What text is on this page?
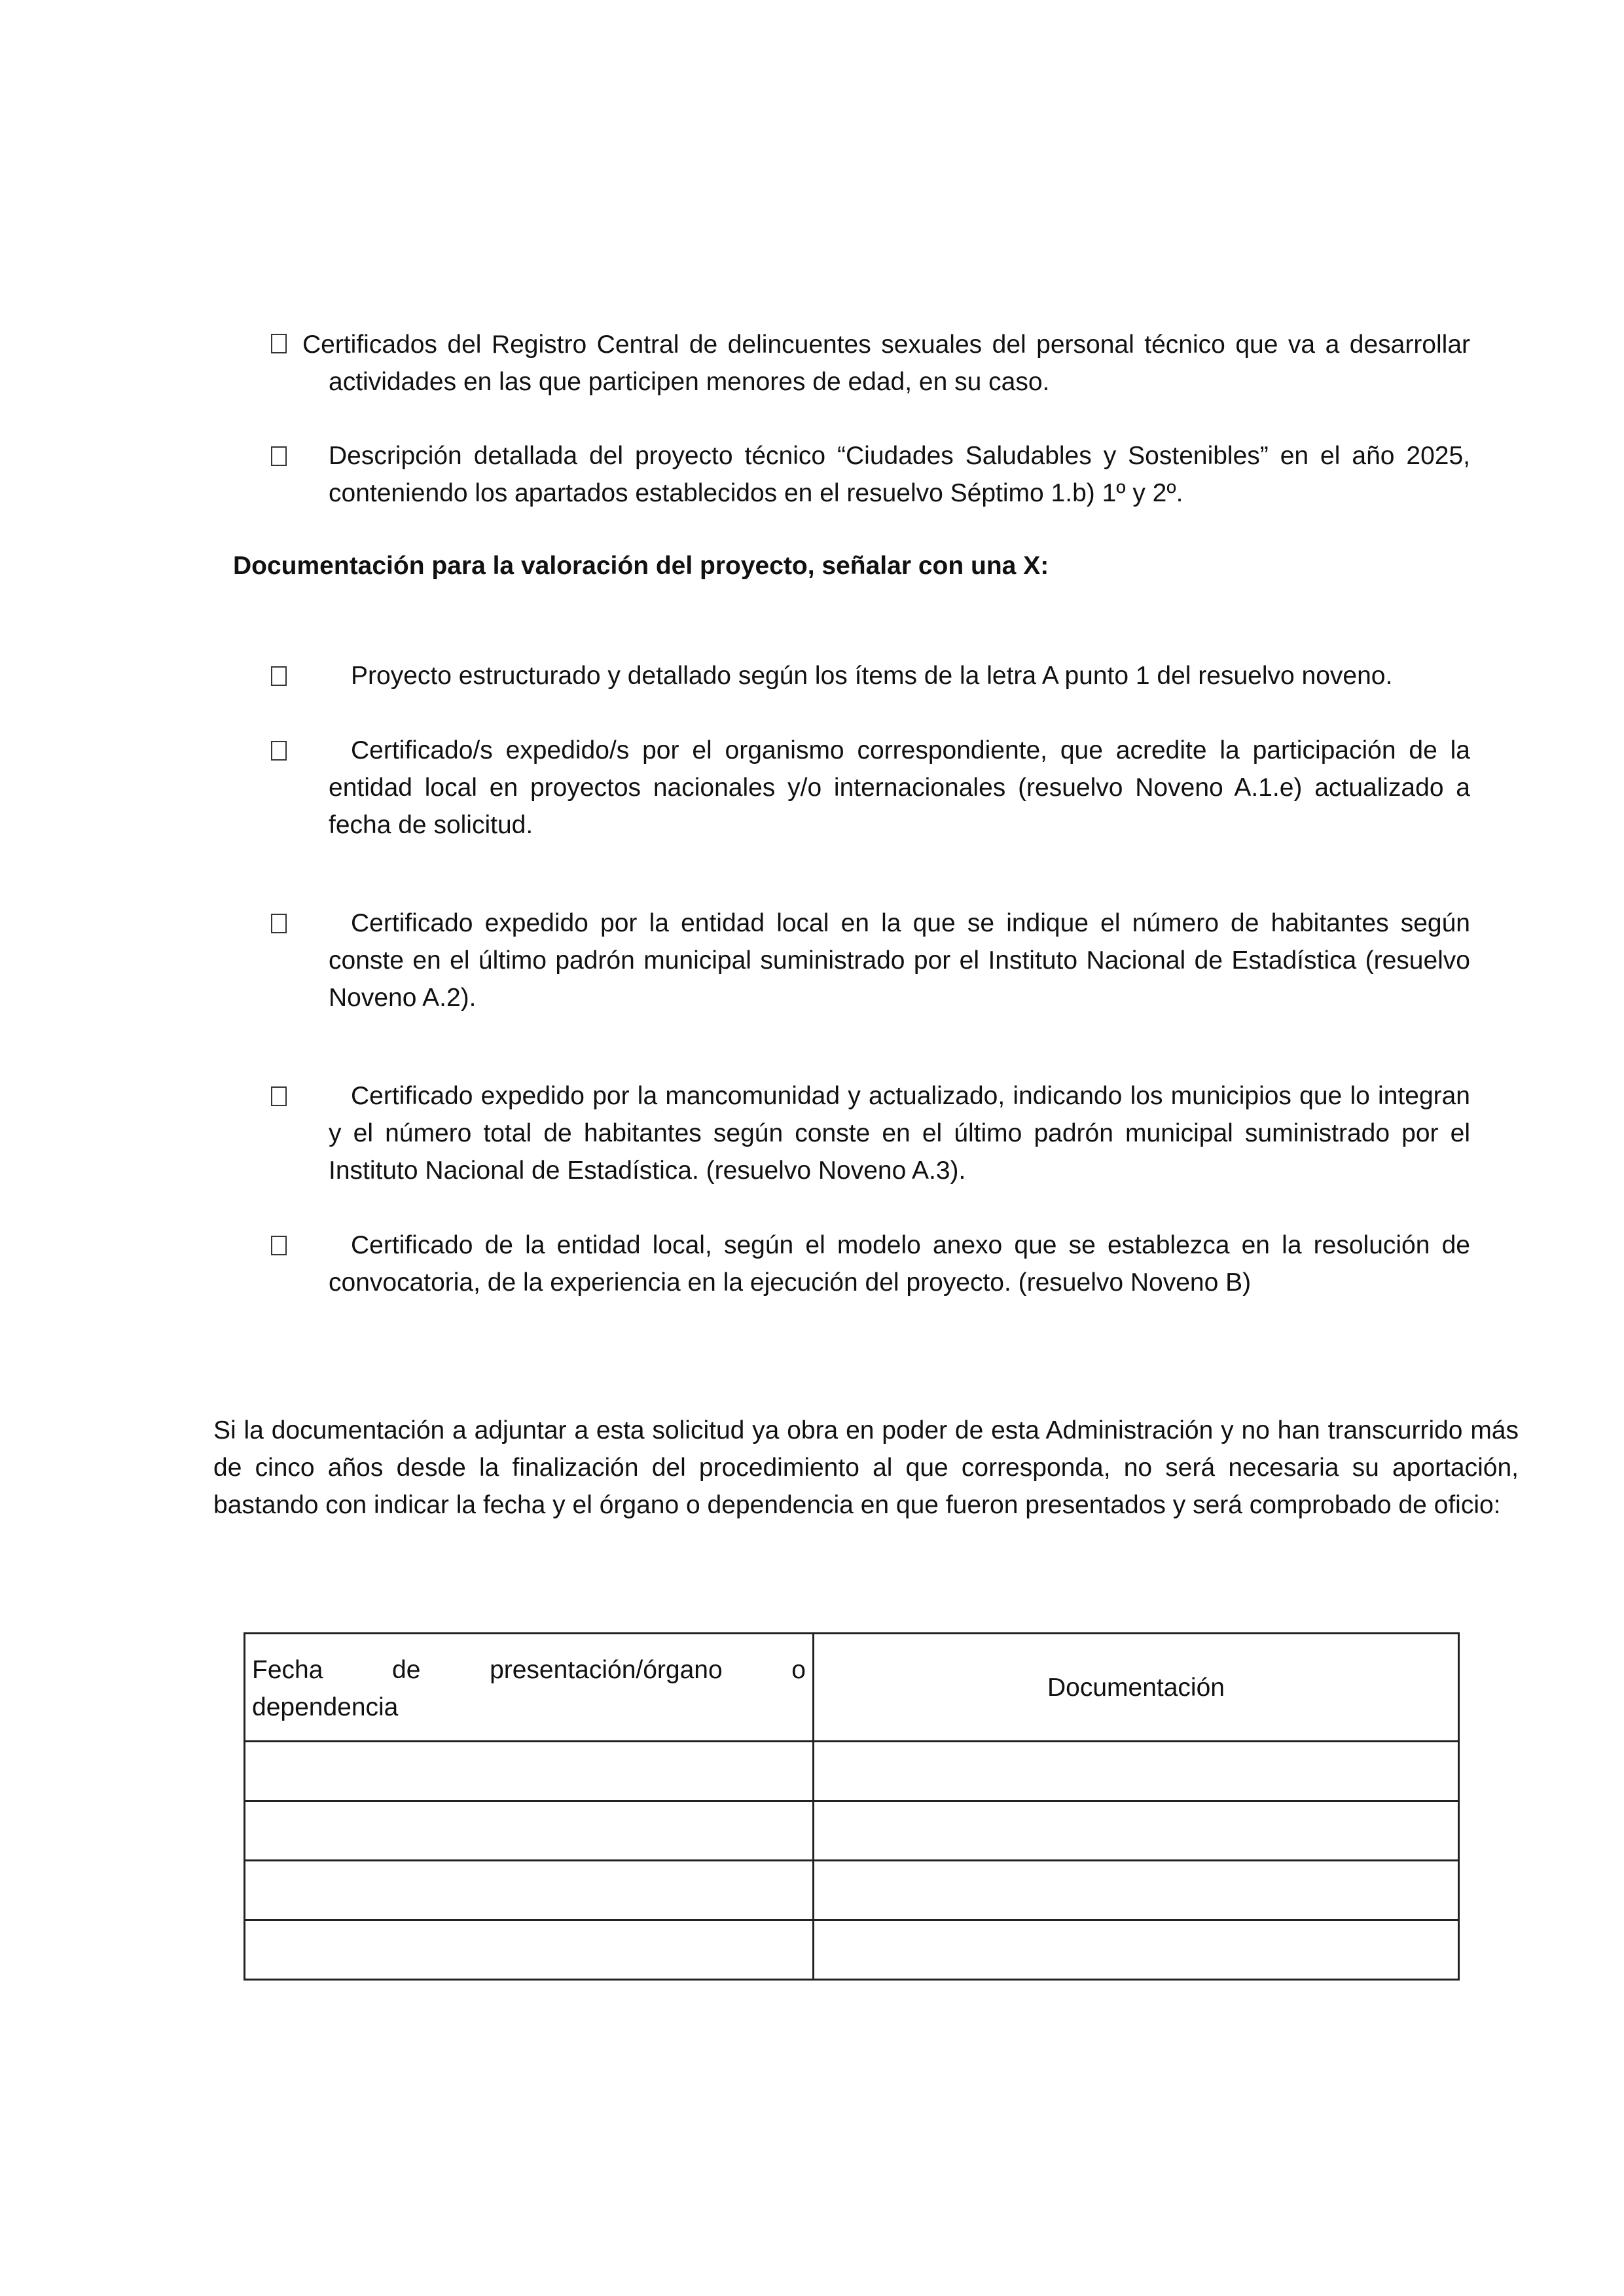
Certificados del Registro Central de delincuentes sexuales del personal técnico que va a desarrollar actividades en las que participen menores de edad, en su caso.

Descripción detallada del proyecto técnico “Ciudades Saludables y Sostenibles” en el año 2025, conteniendo los apartados establecidos en el resuelvo Séptimo 1.b) 1º y 2º.

Documentación para la valoración del proyecto, señalar con una X:

Proyecto estructurado y detallado según los ítems de la letra A punto 1 del resuelvo noveno.

Certificado/s expedido/s por el organismo correspondiente, que acredite la participación de la entidad local en proyectos nacionales y/o internacionales (resuelvo Noveno A.1.e) actualizado a fecha de solicitud.

Certificado expedido por la entidad local en la que se indique el número de habitantes según conste en el último padrón municipal suministrado por el Instituto Nacional de Estadística (resuelvo Noveno A.2).

Certificado expedido por la mancomunidad y actualizado, indicando los municipios que lo integran y el número total de habitantes según conste en el último padrón municipal suministrado por el Instituto Nacional de Estadística. (resuelvo Noveno A.3).

Certificado de la entidad local, según el modelo anexo que se establezca en la resolución de convocatoria, de la experiencia en la ejecución del proyecto. (resuelvo Noveno B)

Si la documentación a adjuntar a esta solicitud ya obra en poder de esta Administración y no han transcurrido más de cinco años desde la finalización del procedimiento al que corresponda, no será necesaria su aportación, bastando con indicar la fecha y el órgano o dependencia en que fueron presentados y será comprobado de oficio:

Fecha de presentación/órgano o
dependencia	Documentación
